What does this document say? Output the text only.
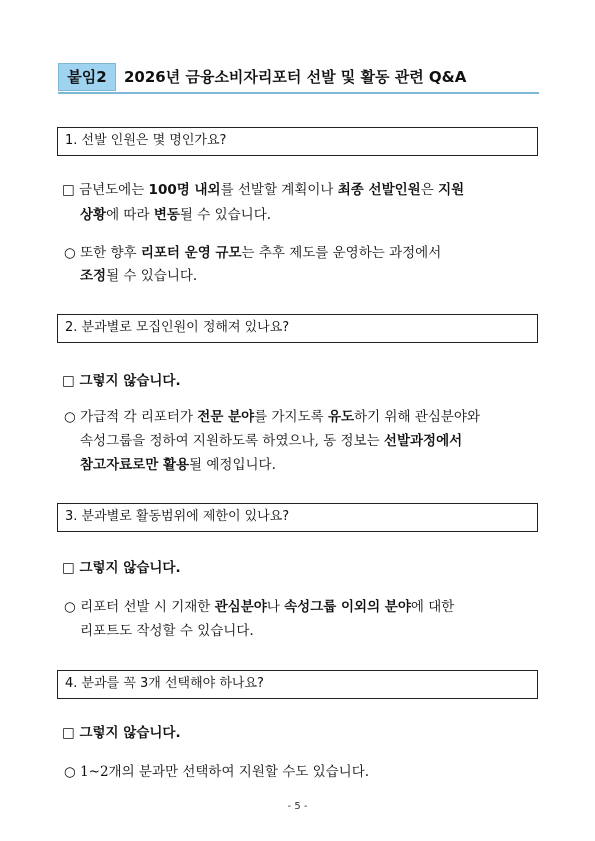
붙임2	2026년 금융소비자리포터 선발 및 활동 관련 Q&A
1. 선발 인원은 몇 명인가요?
□ 금년도에는 100명 내외를 선발할 계획이나 최종 선발인원은 지원
상황에 따라 변동될 수 있습니다.
○ 또한 향후 리포터 운영 규모는 추후 제도를 운영하는 과정에서
조정될 수 있습니다.
2. 분과별로 모집인원이 정해져 있나요?
□ 그렇지 않습니다.
○ 가급적 각 리포터가 전문 분야를 가지도록 유도하기 위해 관심분야와
속성그룹을 정하여 지원하도록 하였으나, 동 정보는 선발과정에서
참고자료로만 활용될 예정입니다.
3. 분과별로 활동범위에 제한이 있나요?
□ 그렇지 않습니다.
○ 리포터 선발 시 기재한 관심분야나 속성그룹 이외의 분야에 대한
리포트도 작성할 수 있습니다.
4. 분과를 꼭 3개 선택해야 하나요?
□ 그렇지 않습니다.
○ 1~2개의 분과만 선택하여 지원할 수도 있습니다.
- 5 -
